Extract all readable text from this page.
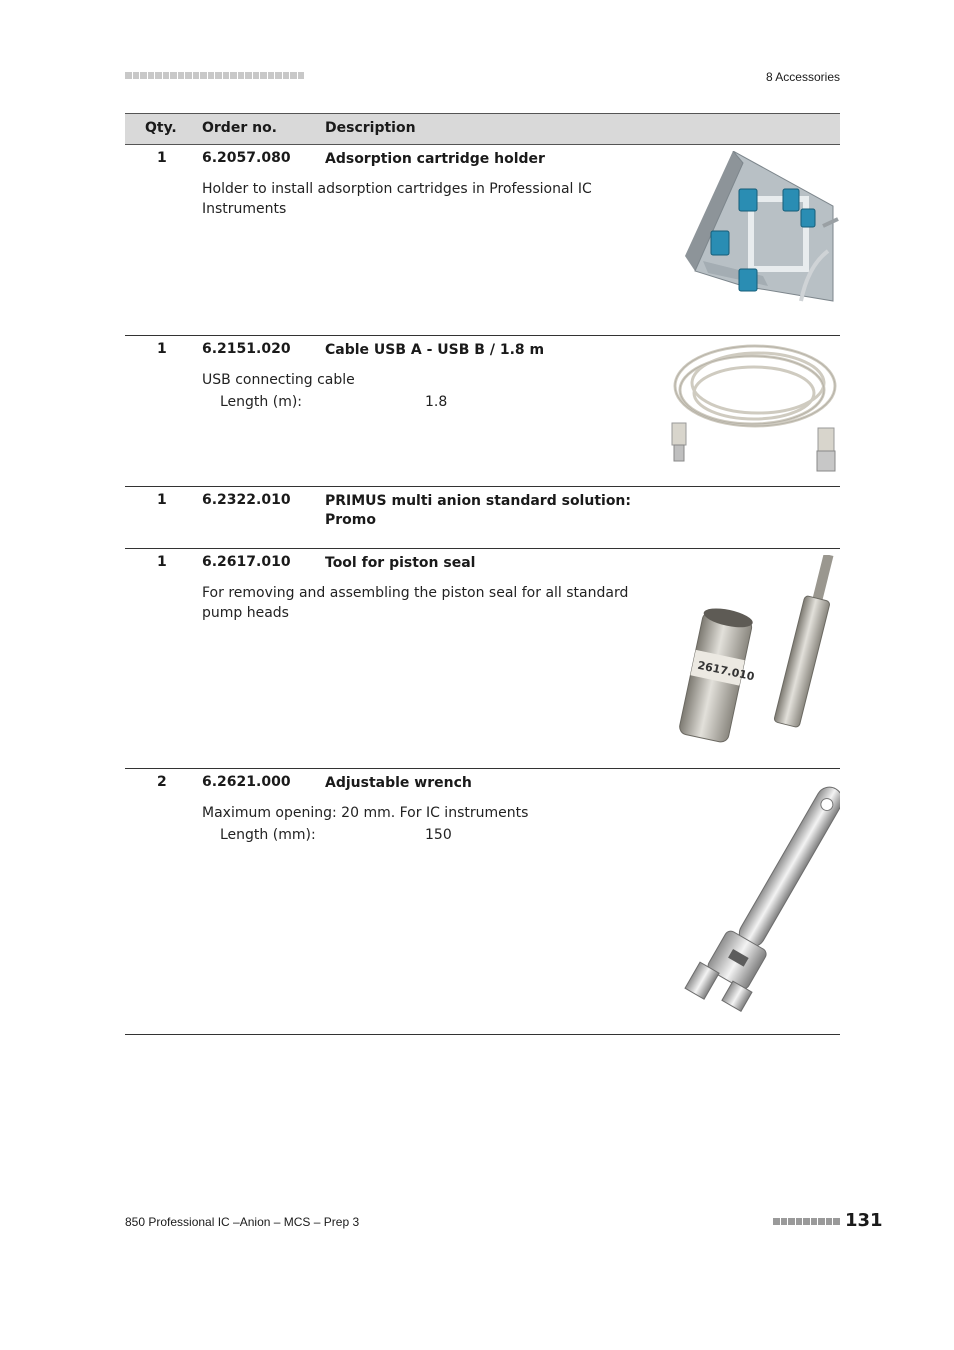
8 Accessories
Qty. Order no.	Description
1	6.2057.080 Adsorption cartridge holder
Holder to install adsorption cartridges in Professional IC Instruments
1	6.2151.020 Cable USB A - USB B / 1.8 m
USB connecting cable
Length (m):	1.8
1	6.2322.010 PRIMUS multi anion standard solution: Promo
1	6.2617.010 Tool for piston seal
For removing and assembling the piston seal for all standard pump heads
2617.010
2	6.2621.000 Adjustable wrench
Maximum opening: 20 mm. For IC instruments
Length (mm):	150
850 Professional IC –Anion – MCS – Prep 3	131
